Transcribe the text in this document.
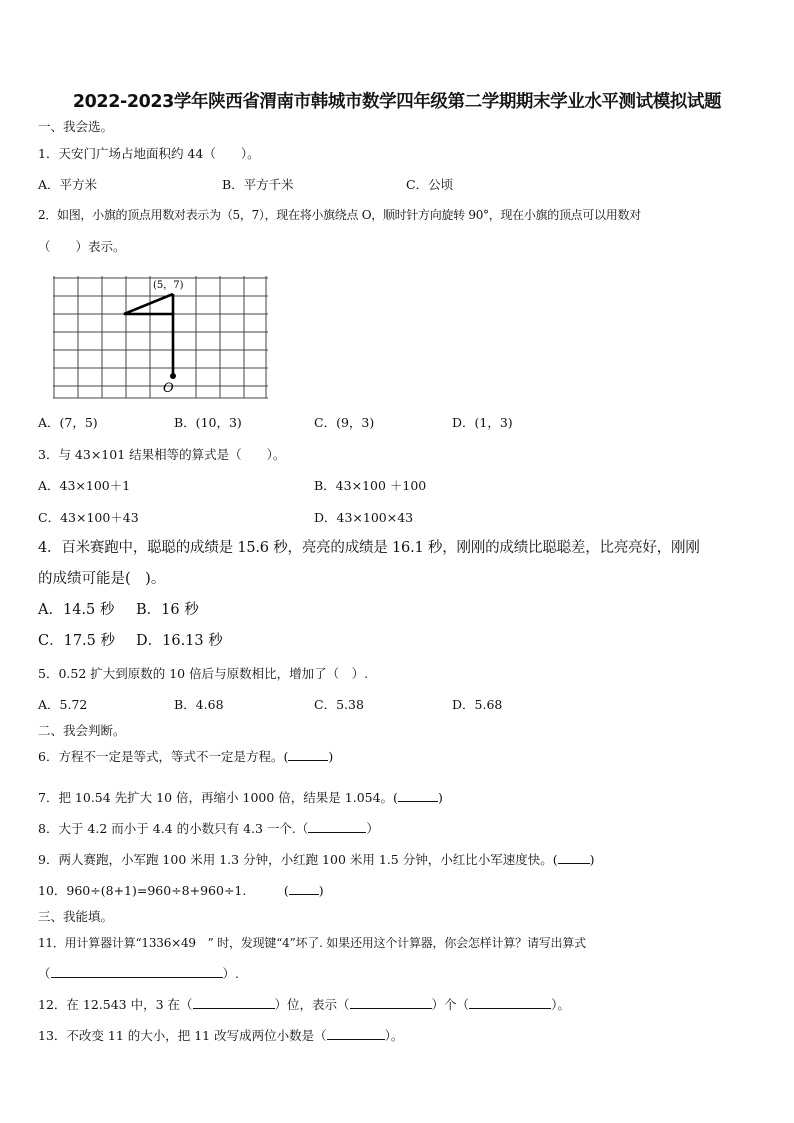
2022-2023学年陕西省渭南市韩城市数学四年级第二学期期末学业水平测试模拟试题
一、我会选。
1．天安门广场占地面积约 44（　　）。
A．平方米	B．平方千米	C．公顷
2．如图，小旗的顶点用数对表示为（5，7），现在将小旗绕点 O，顺时针方向旋转 90°，现在小旗的顶点可以用数对
（　　）表示。
(5，7)
O
A．(7，5)	B．(10，3)	C．(9，3)	D．(1，3)
3．与 43×101 结果相等的算式是（　　）。
A．43×100＋1	B．43×100 ＋100
C．43×100＋43	D．43×100×43
4．百米赛跑中，聪聪的成绩是 15.6 秒，亮亮的成绩是 16.1 秒，刚刚的成绩比聪聪差，比亮亮好，刚刚
的成绩可能是(　)。
A．14.5 秒 B．16 秒
C．17.5 秒 D．16.13 秒
5．0.52 扩大到原数的 10 倍后与原数相比，增加了（　）.
A．5.72	B．4.68	C．5.38	D．5.68
二、我会判断。
6．方程不一定是等式，等式不一定是方程。(	)
7．把 10.54 先扩大 10 倍，再缩小 1000 倍，结果是 1.054。(	)
8．大于 4.2 而小于 4.4 的小数只有 4.3 一个.（	）
9．两人赛跑，小军跑 100 米用 1.3 分钟，小红跑 100 米用 1.5 分钟，小红比小军速度快。(	)
10．960÷(8+1)=960÷8+960÷1.　　　( )
三、我能填。
11．用计算器计算“1336×49　” 时，发现键“4”坏了. 如果还用这个计算器，你会怎样计算？请写出算式
（	）.
12．在 12.543 中，3 在（	）位，表示（	）个（	）。
13．不改变 11 的大小，把 11 改写成两位小数是（	）。
